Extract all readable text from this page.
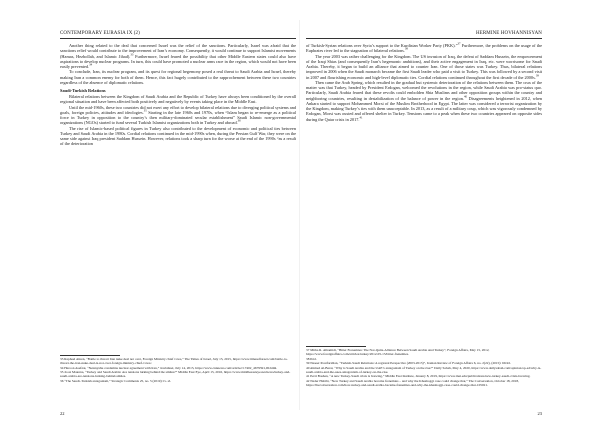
CONTEMPORARY EURASIA IX (2)

Another thing related to the deal that concerned Israel was the relief of the sanctions. Particularly, Israel was afraid that the sanctions relief would contribute to the improvement of Iran’s economy. Consequently, it would continue to support Islamist movements (Hamas, Hezbollah, and Islamic Jihad).$^{33}$ Furthermore, Israel feared the possibility that other Middle Eastern states could also have aspirations to develop nuclear programs. In turn, this could have promoted a nuclear arms race in the region, which would not have been easily prevented.$^{34}$

To conclude, Iran, its nuclear program, and its quest for regional hegemony posed a real threat to Saudi Arabia and Israel, thereby making Iran a common enemy for both of them. Hence, this fact hugely contributed to the rapprochement between these two countries regardless of the absence of diplomatic relations.

Saudi-Turkish Relations

Bilateral relations between the Kingdom of Saudi Arabia and the Republic of Turkey have always been conditioned by the overall regional situation and have been affected both positively and negatively by events taking place in the Middle East.

Until the mid-1960s, these two countries did not exert any effort to develop bilateral relations due to diverging political systems and goals, foreign policies, attitudes and ideologies.$^{35}$ Starting in the late 1960s and 1970s, when “Islam began to re-emerge as a political force in Turkey in opposition to the country’s then military-dominated secular establishment” Saudi Islamic non-governmental organizations (NGOs) started to fund several Turkish Islamist organizations both in Turkey and abroad.$^{36}$

The rise of Islamic-based political figures in Turkey also contributed to the development of economic and political ties between Turkey and Saudi Arabia in the 1980s. Cordial relations continued in the mid-1990s when, during the Persian Gulf War, they were on the same side against Iraq president Saddam Hussein. However, relations took a sharp turn for the worse at the end of the 1990s “as a result of the deterioration

33 Raphael Ahren, “Battle to thwart Iran nuke deal not over, Foreign Ministry chief vows,” The Times of Israel, July 15, 2015, https://www.timesofisrael.com/battle-to-thwart-the-iran-nuke-deal-is-not-over-foreign-ministry-chief-vows/.
34 Haroon Asefzai, “Netanyahu condemns nuclear agreement with Iran,” Jewishnet, July 14, 2015, https://www.cnnnews.com/article/c17402_4679591,00.html.
35 Joost Maierna, “Turkey and Saudi Arabia: Are tensions lurking behind the smiles?” Middle East Eye, April 15, 2016, https://www.middleeasteye.net/news/turkey-and-saudi-arabia-are-tensions-lurking-behind-smiles.
36 “The Saudi–Turkish antagonism,” Strategic Comments 25, no. 5 (2019): iv–vi.
22
HERMINE HOVHANNISYAN

of Turkish-Syrian relations over Syria’s support to the Kurdistan Worker Party (PKK).”$^{37}$ Furthermore, the problems on the usage of the Euphrates river led to the stagnation of bilateral relations.$^{38}$

The year 2003 was rather challenging for the Kingdom. The US invasion of Iraq, the defeat of Saddam Hussein, the empowerment of the Iraqi Shias (and consequently Iran’s hegemonic ambitions), and their active engagement in Iraq, etc. were worrisome for Saudi Arabia. Thereby, it began to build an alliance that aimed to counter Iran. One of those states was Turkey. Thus, bilateral relations improved in 2006 when the Saudi monarch became the first Saudi leader who paid a visit to Turkey. This was followed by a second visit in 2007 and flourishing economic and high-level diplomatic ties. Cordial relations continued throughout the first decade of the 2000s.$^{39}$

Then came the Arab Spring, which resulted in the gradual but systemic deterioration of the relations between them. The crux of the matter was that Turkey, headed by President Erdogan, welcomed the revolutions in the region, while Saudi Arabia was pro-status quo. Particularly, Saudi Arabia feared that these revolts could embolden Shia Muslims and other opposition groups within the country and neighboring countries, resulting in destabilization of the balance of power in the region.$^{40}$ Disagreements heightened in 2012, when Ankara started to support Mohammed Morsi of the Muslim Brotherhood in Egypt. The latter was considered a terrorist organization by the Kingdom, making Turkey’s ties with them unacceptable. In 2013, as a result of a military coup, which was vigorously condemned by Erdogan, Morsi was ousted and offered shelter in Turkey. Tensions came to a peak when these two countries appeared on opposite sides during the Qatar crisis in 2017.41

37 Mitha R. Alhamidi, “Bitter Frenemies: The Not-Quite-Alliance Between Saudi Arabia And Turkey”, Foreign Affairs, May 15, 2012,
https://www.foreignaffairs.com/articles/turkey/2012-05-15/bitter-frenemies.
38 Ibid.
39 Naseer Pourfaridian, “Turkish-Saudi Relations: A regional Perspective (2003-2015)”, Iranian Review of Foreign Affairs 6, no. 2(22), (2015): 69-92.
40 Ahmed Al-Barai, “Why is Saudi Arabia and the UAE’s antagonism of Turkey on the rise?” Daily Sabah, May 4, 2020, https://www.dailysabah.com/opinion/op-ed/why-is-saudi-arabia-and-the-uaes-antagonism-of-turkey-on-the-rise.
41 Perri Bashan, “A new Turkey-Saudi crisis is brewing,” Middle East Institute, January 8, 2019, https://www.mei.edu/publications/new-turkey-saudi-crisis-brewing.
42 Nader Habibi, “New Turkey and Saudi Arabia become frenemies – and why the Khashoggi case could change that,” The Conversation, October 18, 2018, https://theconversation.com/how-turkey-and-saudi-arabia-became-frenemies-and-why-the-khashoggi-case-could-change-that-105021.
23
